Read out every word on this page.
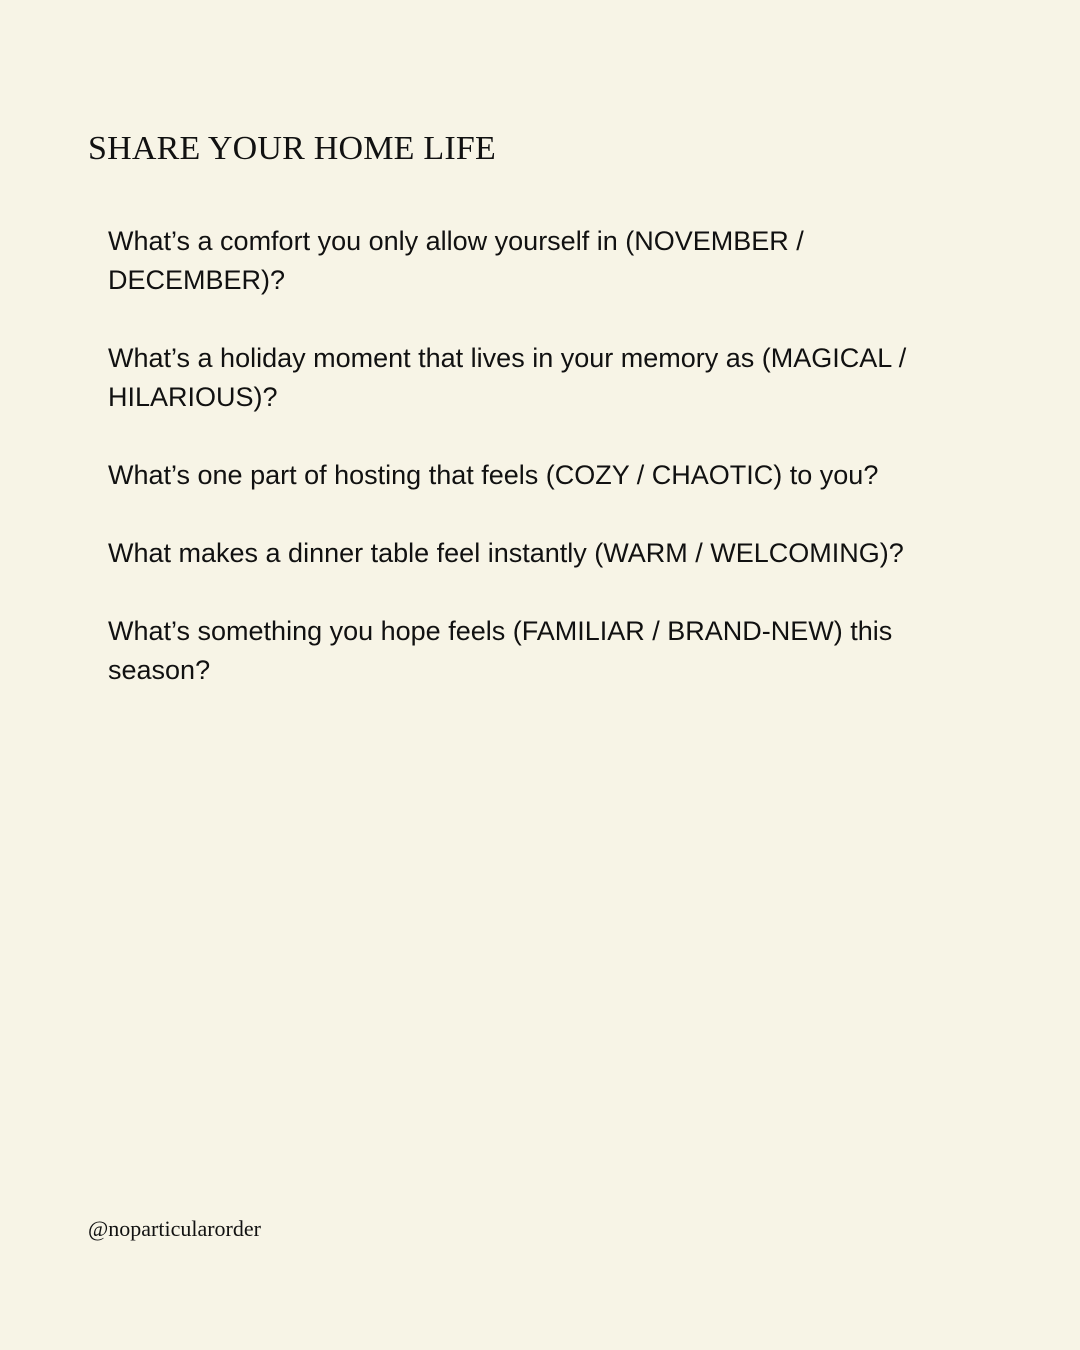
SHARE YOUR HOME LIFE
What’s a comfort you only allow yourself in (NOVEMBER / DECEMBER)?
What’s a holiday moment that lives in your memory as (MAGICAL / HILARIOUS)?
What’s one part of hosting that feels (COZY / CHAOTIC) to you?
What makes a dinner table feel instantly (WARM / WELCOMING)?
What’s something you hope feels (FAMILIAR / BRAND-NEW) this season?
@noparticularorder
